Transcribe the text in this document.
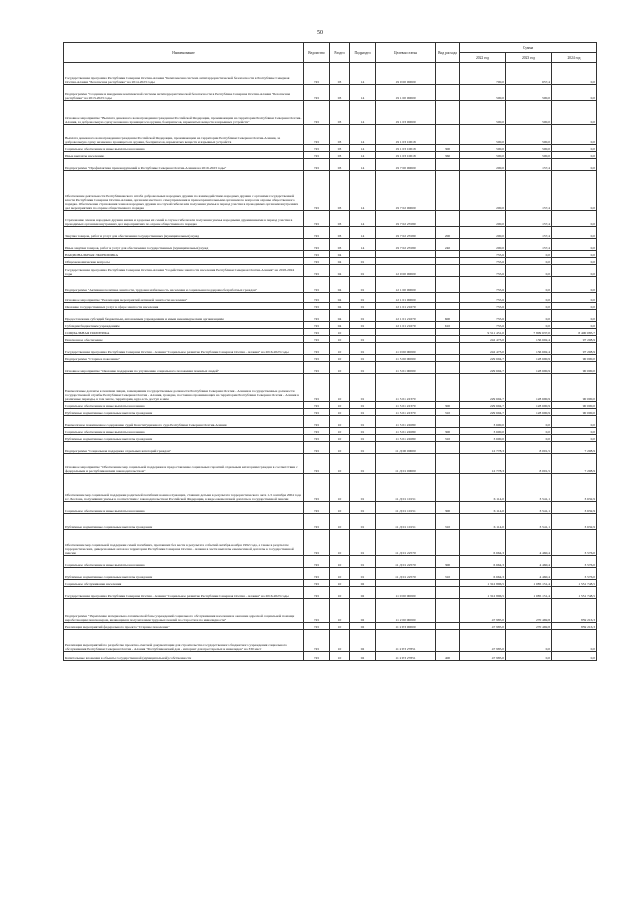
50
Наименование	Ведомство	Раздел	Подраздел	Целевая статья	Вид расхода	Сумма		
						2022 год	2023 год	2024 год
Государственная программа Республики Северная Осетия-Алания "Комплексная система антитеррористической безопасности в Республике Северная Осетия-Алания "Безопасная республика" на 2014-2023 годы	745	03	14	19 0 00 00000		700,0	657,4	0,0
Подпрограмма "Создание и внедрение комплексной системы антитеррористической безопасности в Республике Северная Осетия-Алания "Безопасная республика" на 2013-2023 годы	745	03	14	19 1 00 00000		500,0	500,0	0,0
Основное мероприятие "Выплата денежного вознаграждения гражданам Российской Федерации, проживающим на территории Республики Северная Осетия-Алания, за добровольную сдачу незаконно хранящегося оружия, боеприпасов, взрывчатых веществ и взрывных устройств"	745	03	14	19 1 03 00000		500,0	500,0	0,0
Выплата денежного вознаграждения гражданам Российской Федерации, проживающим на территории Республики Северная Осетия-Алания, за добровольную сдачу незаконно хранящегося оружия, боеприпасов, взрывчатых веществ и взрывных устройств	745	03	14	19 1 03 10018		500,0	500,0	0,0
Социальное обеспечение и иные выплаты населению	745	03	14	19 1 03 10018	300	500,0	500,0	0,0
Иные выплаты населению	745	03	14	19 1 03 10018	360	500,0	500,0	0,0
Подпрограмма "Профилактика правонарушений в Республике Северная Осетия-Алания на 2019-2023 годы"	745	03	14	19 7 00 00000		200,0	157,4	0,0
Обеспечение деятельности Республиканского штаба добровольных народных дружин по взаимодействию народных дружин с органами государственной власти Республики Северная Осетия-Алания, органами местного самоуправления и правоохранительными органами по вопросам охраны общественного порядка. Обеспечение страхования членов народных дружин на случай гибели или получения увечья в период участия в проводимых органами внутренних дел мероприятиях по охране общественного порядка	745	03	14	19 7 02 00000		200,0	157,4	0,0
Страхование членов народных дружин жизни и здоровья их семей в случае гибели или получения увечья народными дружинниками в период участия в проводимых органами внутренних дел мероприятиях по охране общественного порядка	745	03	14	19 7 02 25580		200,0	157,4	0,0
Закупка товаров, работ и услуг для обеспечения государственных (муниципальных) нужд	745	03	14	19 7 02 25580	200	200,0	157,4	0,0
Иные закупки товаров, работ и услуг для обеспечения государственных (муниципальных) нужд	745	03	14	19 7 02 25580	240	200,0	157,4	0,0
НАЦИОНАЛЬНАЯ ЭКОНОМИКА	745	04				755,6	0,0	0,0
Общеэкономические вопросы	745	04	01			755,6	0,0	0,0
Государственная программа Республики Северная Осетия-Алания "Содействие занятости населения Республики Северная Осетия-Алания" на 2018-2024 годы	745	04	01	12 0 00 00000		755,6	0,0	0,0
Подпрограмма "Активная политика занятости, трудовая мобильность населения и социальная поддержка безработных граждан"	745	04	01	12 1 00 00000		755,6	0,0	0,0
Основное мероприятие "Реализация мероприятий активной занятости населения"	745	04	01	12 1 01 00000		755,6	0,0	0,0
Оказание государственных услуг в сфере занятости населения	745	04	01	12 1 01 21670		755,6	0,0	0,0
Предоставление субсидий бюджетным, автономным учреждениям и иным некоммерческим организациям	745	04	01	12 1 01 21670	600	755,6	0,0	0,0
Субсидии бюджетным учреждениям	745	04	01	12 1 01 21670	610	755,6	0,0	0,0
СОЦИАЛЬНАЯ ПОЛИТИКА	745	10				9 511 451,0	7 809 637,0	8 400 085,7
Пенсионное обеспечение	745	10	01			242 473,0	136 692,4	97 208,9
Государственная программа Республики Северная Осетия - Алания "Социальное развитие Республики Северная Осетия - Алания" на 2016-2023 годы	745	10	01	11 0 00 00000		242 473,0	136 692,4	97 208,9
Подпрограмма "Старшее поколение"	745	10	01	11 5 00 00000		229 694,7	128 690,9	90 000,0
Основное мероприятие "Оказание поддержки по улучшению социального положения пожилых людей"	745	10	01	11 5 01 00000		229 694,7	128 690,9	90 000,0
Ежемесячные доплаты к пенсиям лицам, замещавшим государственные должности Республики Северная Осетия - Алания и государственные должности государственной службы Республики Северная Осетия - Алания, граждан, постоянно проживающих на территории Республики Северная Осетия - Алания в различные периоды, в том числе, территории, куда есть доступ к ним	745	10	01	11 5 01 22370		229 694,7	128 690,9	90 000,0
Социальное обеспечение и иные выплаты населению	745	10	01	11 5 01 22370	300	229 694,7	128 690,9	90 000,0
Публичные нормативные социальные выплаты гражданам	745	10	01	11 5 01 22370	310	229 694,7	128 690,9	90 000,0
Ежемесячное пожизненное содержание судей Конституционного суда Республики Северная Осетия-Алания	745	10	01	11 5 01 22680		3 600,0	0,0	0,0
Социальное обеспечение и иные выплаты населению	745	10	01	11 5 01 22680	300	3 600,0	0,0	0,0
Публичные нормативные социальные выплаты гражданам	745	10	01	11 5 01 22680	310	3 600,0	0,0	0,0
Подпрограмма "Социальная поддержка отдельных категорий граждан"	745	10	01	11 Д 00 00000		12 778,3	8 001,5	7 208,9
Основное мероприятие "Обеспечение мер социальной поддержки и предоставление социальных гарантий отдельным категориям граждан в соответствии с федеральным и республиканским законодательством"	745	10	01	11 Д 01 00000		12 778,3	8 001,5	7 208,9
Обеспечение мер социальной поддержки родителей погибших военнослужащих, ставших детьми в результате террористического акта 1-3 сентября 2004 года в г. Беслане, получивших увечья в соответствии с законодательством Российской Федерации, в виде ежемесячной доплаты к государственной пенсии	745	10	01	11 Д 01 10151		6 114,0	3 541,1	3 632,9
Социальное обеспечение и иные выплаты населению	745	10	01	11 Д 01 10151	300	6 114,0	3 541,1	3 632,9
Публичные нормативные социальные выплаты гражданам	745	10	01	11 Д 01 10151	310	6 114,0	3 541,1	3 632,9
Обеспечение мер социальной поддержки семей погибших, пропавших без вести в результате событий октября-ноября 1992 года, а также в результате террористических, диверсионных актов на территории Республики Северная Осетия - Алания в части выплаты ежемесячной доплаты к государственной пенсии	745	10	01	11 Д 01 22570		6 664,3	4 460,4	3 576,0
Социальное обеспечение и иные выплаты населению	745	10	01	11 Д 01 22570	300	6 664,3	4 460,4	3 576,0
Публичные нормативные социальные выплаты гражданам	745	10	01	11 Д 01 22570	310	6 664,3	4 460,4	3 576,0
Социальное обслуживание населения	745	10	02			1 312 896,5	1 085 151,4	1 551 748,5
Государственная программа Республики Северная Осетия - Алания "Социальное развитие Республики Северная Осетия - Алания" на 2016-2023 годы	745	10	02	11 0 00 00000		1 312 896,5	1 085 151,4	1 551 748,5
Подпрограмма "Укрепление материально-технической базы учреждений социального обслуживания населения и оказание адресной социальной помощи неработающим пенсионерам, являющимся получателями трудовых пенсий по старости и по инвалидности"	745	10	02	11 2 00 00000		47 985,0	270 469,8	859 216,3
Реализация мероприятий федерального проекта "Старшее поколение"	745	10	02	11 2 Р3 00000		47 985,0	270 469,8	859 216,3
Реализация мероприятий по разработке проектно-сметной документации для строительства государственного бюджетного учреждения социального обслуживания Республики Северная Осетия - Алания "Республиканский дом - интернат для престарелых и инвалидов" на 330 мест	745	10	02	11 2 Р3 27851		47 985,0	0,0	0,0
Капитальные вложения в объекты государственной (муниципальной) собственности	745	10	02	11 2 Р3 27851	400	47 985,0	0,0	0,0
